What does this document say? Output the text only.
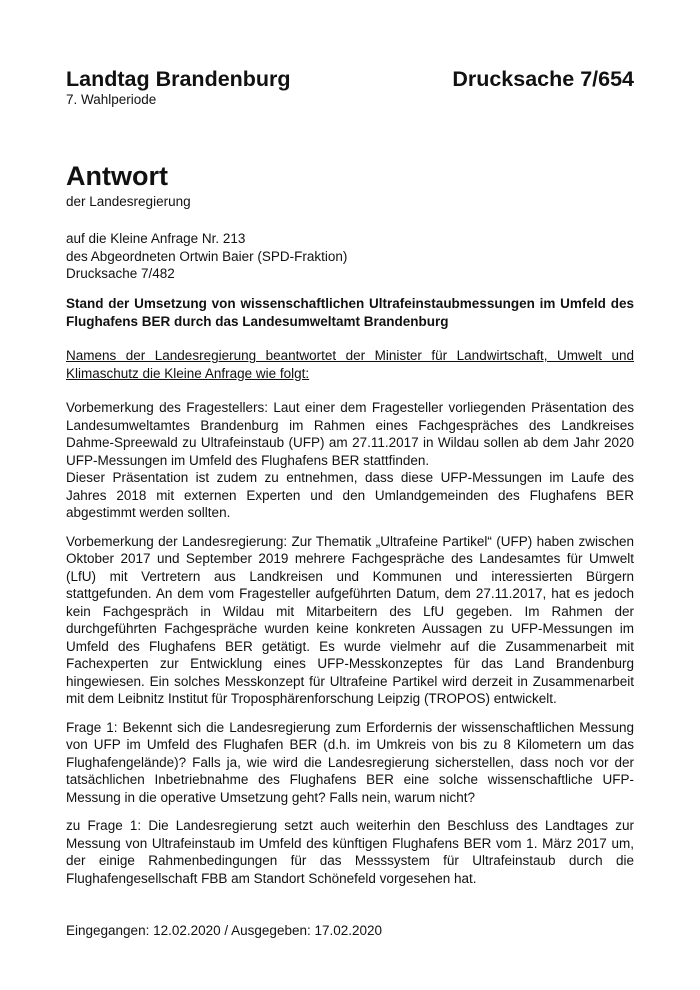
Landtag Brandenburg	Drucksache 7/654
7. Wahlperiode
Antwort
der Landesregierung
auf die Kleine Anfrage Nr. 213
des Abgeordneten Ortwin Baier (SPD-Fraktion)
Drucksache 7/482
Stand der Umsetzung von wissenschaftlichen Ultrafeinstaubmessungen im Umfeld des Flughafens BER durch das Landesumweltamt Brandenburg
Namens der Landesregierung beantwortet der Minister für Landwirtschaft, Umwelt und Klimaschutz die Kleine Anfrage wie folgt:

Vorbemerkung des Fragestellers: Laut einer dem Fragesteller vorliegenden Präsentation des Landesumweltamtes Brandenburg im Rahmen eines Fachgespräches des Landkreises Dahme-Spreewald zu Ultrafeinstaub (UFP) am 27.11.2017 in Wildau sollen ab dem Jahr 2020 UFP-Messungen im Umfeld des Flughafens BER stattfinden.
Dieser Präsentation ist zudem zu entnehmen, dass diese UFP-Messungen im Laufe des Jahres 2018 mit externen Experten und den Umlandgemeinden des Flughafens BER abgestimmt werden sollten.

Vorbemerkung der Landesregierung: Zur Thematik „Ultrafeine Partikel“ (UFP) haben zwischen Oktober 2017 und September 2019 mehrere Fachgespräche des Landesamtes für Umwelt (LfU) mit Vertretern aus Landkreisen und Kommunen und interessierten Bürgern stattgefunden. An dem vom Fragesteller aufgeführten Datum, dem 27.11.2017, hat es jedoch kein Fachgespräch in Wildau mit Mitarbeitern des LfU gegeben. Im Rahmen der durchgeführten Fachgespräche wurden keine konkreten Aussagen zu UFP-Messungen im Umfeld des Flughafens BER getätigt. Es wurde vielmehr auf die Zusammenarbeit mit Fachexperten zur Entwicklung eines UFP-Messkonzeptes für das Land Brandenburg hingewiesen. Ein solches Messkonzept für Ultrafeine Partikel wird derzeit in Zusammenarbeit mit dem Leibnitz Institut für Troposphärenforschung Leipzig (TROPOS) entwickelt.

Frage 1: Bekennt sich die Landesregierung zum Erfordernis der wissenschaftlichen Messung von UFP im Umfeld des Flughafen BER (d.h. im Umkreis von bis zu 8 Kilometern um das Flughafengelände)? Falls ja, wie wird die Landesregierung sicherstellen, dass noch vor der tatsächlichen Inbetriebnahme des Flughafens BER eine solche wissenschaftliche UFP-Messung in die operative Umsetzung geht? Falls nein, warum nicht?

zu Frage 1: Die Landesregierung setzt auch weiterhin den Beschluss des Landtages zur Messung von Ultrafeinstaub im Umfeld des künftigen Flughafens BER vom 1. März 2017 um, der einige Rahmenbedingungen für das Messsystem für Ultrafeinstaub durch die Flughafengesellschaft FBB am Standort Schönefeld vorgesehen hat.

Eingegangen: 12.02.2020 / Ausgegeben: 17.02.2020
